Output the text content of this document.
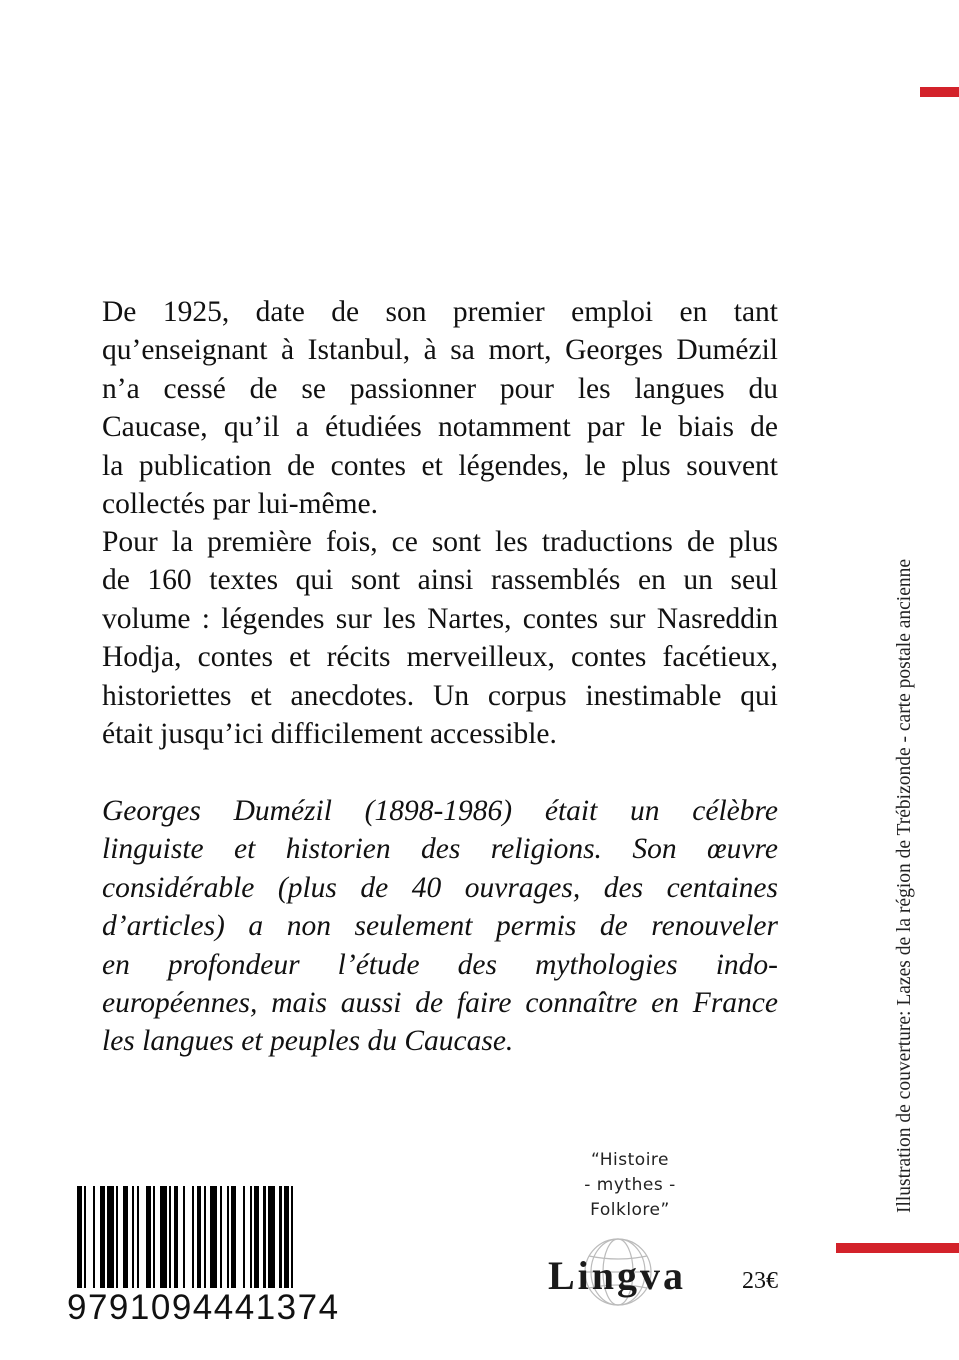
De 1925, date de son premier emploi en tant
qu’enseignant à Istanbul, à sa mort, Georges Dumézil
n’a cessé de se passionner pour les langues du
Caucase, qu’il a étudiées notamment par le biais de
la publication de contes et légendes, le plus souvent
collectés par lui-même.
Pour la première fois, ce sont les traductions de plus
de 160 textes qui sont ainsi rassemblés en un seul
volume : légendes sur les Nartes, contes sur Nasreddin
Hodja, contes et récits merveilleux, contes facétieux,
historiettes et anecdotes. Un corpus inestimable qui
était jusqu’ici difficilement accessible.
Georges Dumézil (1898-1986) était un célèbre
linguiste et historien des religions. Son œuvre
considérable (plus de 40 ouvrages, des centaines
d’articles) a non seulement permis de renouveler
en profondeur l’étude des mythologies indo-
européennes, mais aussi de faire connaître en France
les langues et peuples du Caucase.	Illustration de couverture: Lazes de la région de Trébizonde - carte postale ancienne
“Histoire
- mythes -
Folklore”
Lingva 23€
9791094441374
